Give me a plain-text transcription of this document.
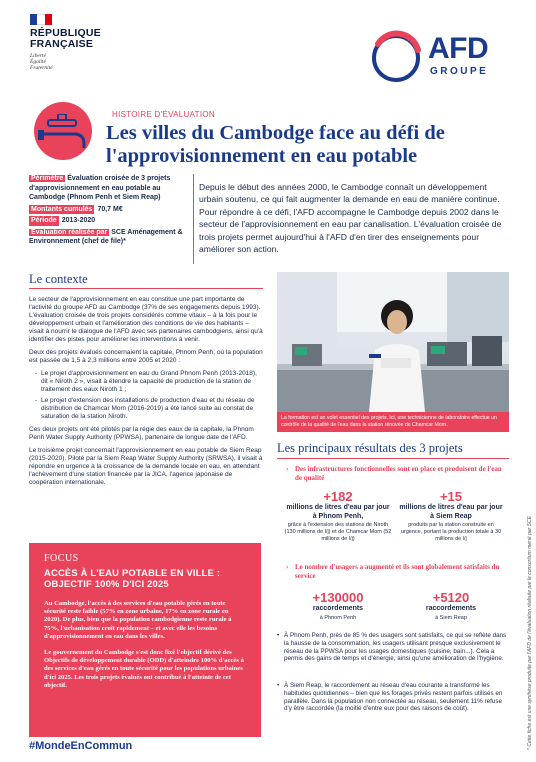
RÉPUBLIQUE
FRANÇAISE
Liberté
Égalité
Fraternité
AFD
GROUPE
HISTOIRE D'ÉVALUATION
Les villes du Cambodge face au défi de l'approvisionnement en eau potable
Périmètre Évaluation croisée de 3 projets d'approvisionnement en eau potable au Cambodge (Phnom Penh et Siem Reap)
Montants cumulés 70,7 M€
Période 2013-2020
Évaluation réalisée par SCE Aménagement & Environnement (chef de file)*
Depuis le début des années 2000, le Cambodge connaît un développement urbain soutenu, ce qui fait augmenter la demande en eau de manière continue. Pour répondre à ce défi, l'AFD accompagne le Cambodge depuis 2002 dans le secteur de l'approvisionnement en eau par canalisation. L'évaluation croisée de trois projets permet aujourd'hui à l'AFD d'en tirer des enseignements pour améliorer son action.
Le contexte

Le secteur de l'approvisionnement en eau constitue une part importante de l'activité du groupe AFD au Cambodge (37% de ses engagements depuis 1993). L'évaluation croisée de trois projets considérés comme vitaux – à la fois pour le développement urbain et l'amélioration des conditions de vie des habitants – visait à nourrir le dialogue de l'AFD avec ses partenaires cambodgiens, ainsi qu'à identifier des pistes pour améliorer les interventions à venir.

Deux des projets évalués concernaient la capitale, Phnom Penh, où la population est passée de 1,5 à 2,3 millions entre 2005 et 2020 :

- Le projet d'approvisionnement en eau du Grand Phnom Penh (2013-2018), dit « Niroth 2 », visait à étendre la capacité de production de la station de traitement des eaux Niroth 1 ;
- Le projet d'extension des installations de production d'eau et du réseau de distribution de Chamcar Mom (2016-2019) a été lancé suite au constat de saturation de la station Niroth.

Ces deux projets ont été pilotés par la régie des eaux de la capitale, la Phnom Penh Water Supply Authority (PPWSA), partenaire de longue date de l'AFD.

Le troisième projet concernait l'approvisionnement en eau potable de Siem Reap (2015-2020). Piloté par la Siem Reap Water Supply Authority (SRWSA), il visait à répondre en urgence à la croissance de la demande locale en eau, en attendant l'achèvement d'une station financée par la JICA, l'agence japonaise de coopération internationale.

La formation est un volet essentiel des projets. Ici, une technicienne de laboratoire effectue un contrôle de la qualité de l'eau dans la station rénovée de Chamcar Mom.
Les principaux résultats des 3 projets
› Des infrastructures fonctionnelles sont en place et produisent de l'eau de qualité
+182
millions de litres d'eau par jour à Phnom Penh,
grâce à l'extension des stations de Niroth (130 millions de l/j) et de Chamcar Mom (52 millions de l/j)
+15
millions de litres d'eau par jour à Siem Reap
produits par la station construite en urgence, portant la production totale à 30 millions de l/j
› Le nombre d'usagers a augmenté et ils sont globalement satisfaits du service
+130000
raccordements
à Phnom Penh
+5120
raccordements
à Siem Reap
• À Phnom Penh, près de 85 % des usagers sont satisfaits, ce qui se reflète dans la hausse de la consommation, les usagers utilisant presque exclusivement le réseau de la PPWSA pour les usages domestiques (cuisine, bain...). Cela a permis des gains de temps et d'énergie, ainsi qu'une amélioration de l'hygiène.
• À Siem Reap, le raccordement au réseau d'eau courante a transformé les habitudes quotidiennes – bien que les forages privés restent parfois utilisés en parallèle. Dans la population non connectée au réseau, seulement 11% refuse d'y être raccordée (la moitié d'entre eux pour des raisons de coût).	* Cette fiche est une synthèse produite par l'AFD de l'évaluation réalisée par le consortium mené par SCE
FOCUS
ACCÈS À L'EAU POTABLE EN VILLE : OBJECTIF 100% D'ICI 2025

Au Cambodge, l'accès à des services d'eau potable gérés en toute sécurité reste faible (57% en zone urbaine, 17% en zone rurale en 2020). De plus, bien que la population cambodgienne reste rurale à 75%, l'urbanisation croît rapidement – et avec elle les besoins d'approvisionnement en eau dans les villes.

Le gouvernement du Cambodge s'est donc fixé l'objectif dérivé des Objectifs de développement durable (ODD) d'atteindre 100% d'accès à des services d'eau gérés en toute sécurité pour les populations urbaines d'ici 2025. Les trois projets évalués ont contribué à l'atteinte de cet objectif.

#MondeEnCommun
